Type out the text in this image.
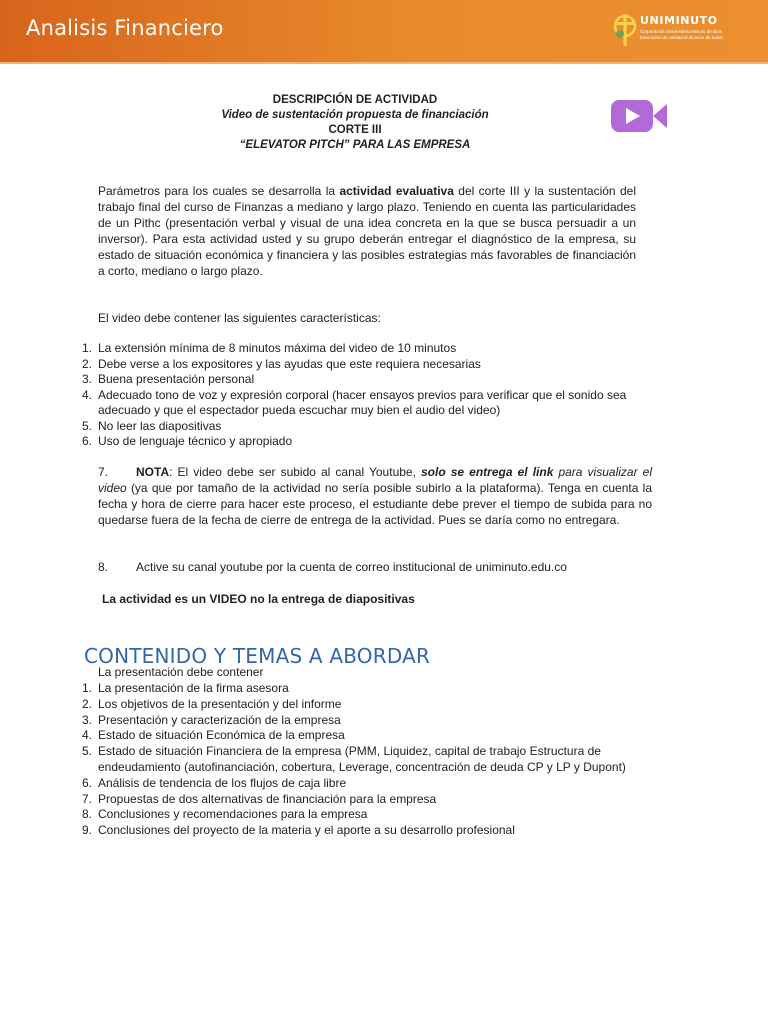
Analisis Financiero	UNIMINUTO
Corporación Universitaria Minuto de Dios
Educación de calidad al alcance de todos
DESCRIPCIÓN DE ACTIVIDAD
Video de sustentación propuesta de financiación
CORTE III
“ELEVATOR PITCH” PARA LAS EMPRESA
Parámetros para los cuales se desarrolla la actividad evaluativa del corte III y la sustentación del trabajo final del curso de Finanzas a mediano y largo plazo. Teniendo en cuenta las particularidades de un Pithc (presentación verbal y visual de una idea concreta en la que se busca persuadir a un inversor). Para esta actividad usted y su grupo deberán entregar el diagnóstico de la empresa, su estado de situación económica y financiera y las posibles estrategias más favorables de financiación a corto, mediano o largo plazo.
El video debe contener las siguientes características:
1. La extensión mínima de 8 minutos máxima del video de 10 minutos
2. Debe verse a los expositores y las ayudas que este requiera necesarias
3. Buena presentación personal
4. Adecuado tono de voz y expresión corporal (hacer ensayos previos para verificar que el sonido sea adecuado y que el espectador pueda escuchar muy bien el audio del video)
5. No leer las diapositivas
6. Uso de lenguaje técnico y apropiado
7. NOTA: El video debe ser subido al canal Youtube, solo se entrega el link para visualizar el video (ya que por tamaño de la actividad no sería posible subirlo a la plataforma). Tenga en cuenta la fecha y hora de cierre para hacer este proceso, el estudiante debe prever el tiempo de subida para no quedarse fuera de la fecha de cierre de entrega de la actividad. Pues se daría como no entregara.
8. Active su canal youtube por la cuenta de correo institucional de uniminuto.edu.co
La actividad es un VIDEO no la entrega de diapositivas
CONTENIDO Y TEMAS A ABORDAR
La presentación debe contener
1. La presentación de la firma asesora
2. Los objetivos de la presentación y del informe
3. Presentación y caracterización de la empresa
4. Estado de situación Económica de la empresa
5. Estado de situación Financiera de la empresa (PMM, Liquidez, capital de trabajo Estructura de endeudamiento (autofinanciación, cobertura, Leverage, concentración de deuda CP y LP y Dupont)
6. Análisis de tendencia de los flujos de caja libre
7. Propuestas de dos alternativas de financiación para la empresa
8. Conclusiones y recomendaciones para la empresa
9. Conclusiones del proyecto de la materia y el aporte a su desarrollo profesional
